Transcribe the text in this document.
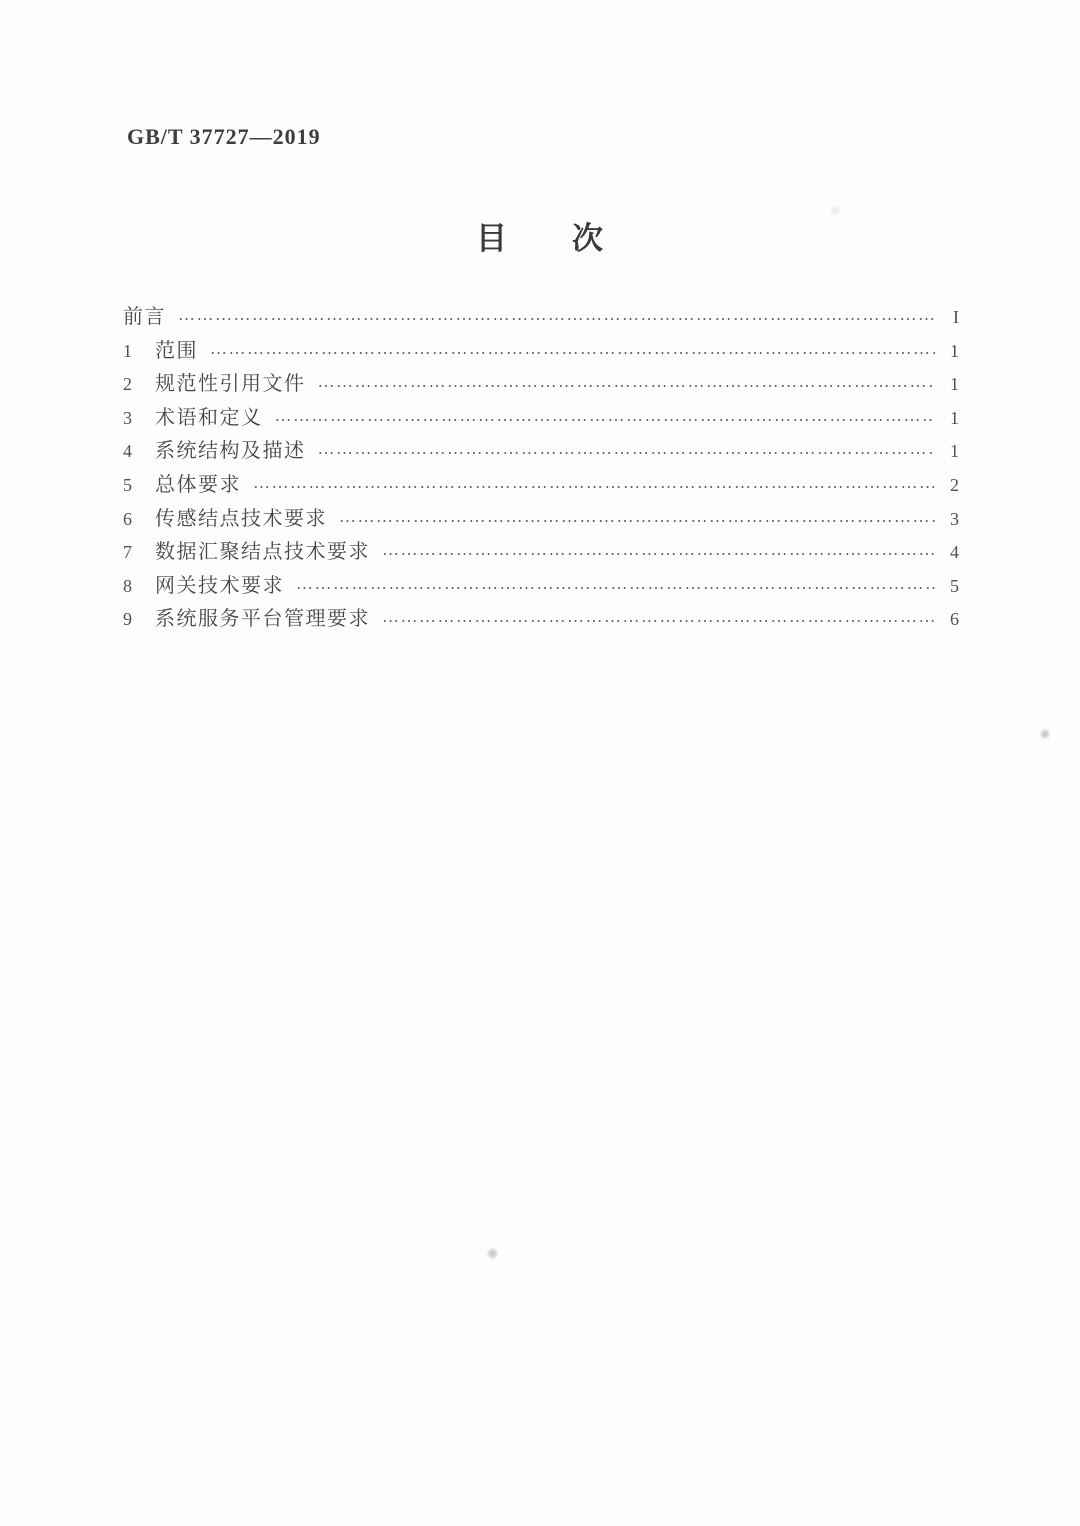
GB/T 37727—2019
目　　次
前言 ………………………………………………………………………………………………………………………………………………………………………………………………	I
1	范围 ………………………………………………………………………………………………………………………………………………………………………………………………	1
2	规范性引用文件 ………………………………………………………………………………………………………………………………………………………………………………………………	1
3	术语和定义 ………………………………………………………………………………………………………………………………………………………………………………………………	1
4	系统结构及描述 ………………………………………………………………………………………………………………………………………………………………………………………………	1
5	总体要求 ………………………………………………………………………………………………………………………………………………………………………………………………	2
6	传感结点技术要求 ………………………………………………………………………………………………………………………………………………………………………………………………	3
7	数据汇聚结点技术要求 ………………………………………………………………………………………………………………………………………………………………………………………………	4
8	网关技术要求 ………………………………………………………………………………………………………………………………………………………………………………………………	5
9	系统服务平台管理要求 ………………………………………………………………………………………………………………………………………………………………………………………………	6
